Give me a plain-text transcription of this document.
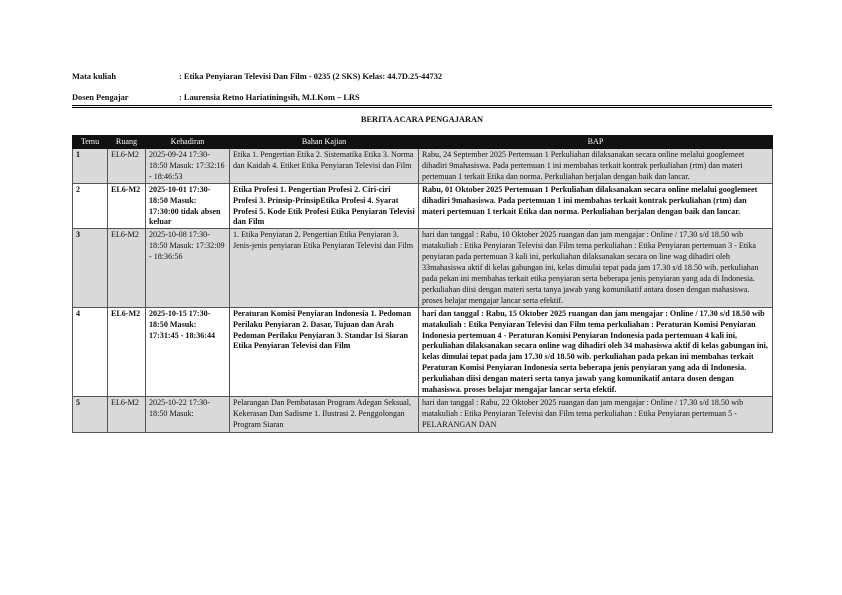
Mata kuliah	: Etika Penyiaran Televisi Dan Film - 0235 (2 SKS) Kelas: 44.7D.25-44732
Dosen Pengajar	: Laurensia Retno Hariatiningsih, M.I.Kom – LRS
BERITA ACARA PENGAJARAN
Temu	Ruang	Kehadiran	Bahan Kajian	BAP
1	EL6-M2	2025-09-24 17:30-18:50 Masuk: 17:32:16 - 18:46:53	Etika 1. Pengertian Etika 2. Sistematika Etika 3. Norma dan Kaidah 4. Etiket Etika Penyiaran Televisi dan Film	Rabu, 24 September 2025 Pertemuan 1 Perkuliahan dilaksanakan secara online melalui googlemeet dihadiri 9mahasiswa. Pada pertemuan 1 ini membahas terkait kontrak perkuliahan (rtm) dan materi pertemuan 1 terkait Etika dan norma. Perkuliahan berjalan dengan baik dan lancar.
2	EL6-M2	2025-10-01 17:30-18:50 Masuk: 17:30:00 tidak absen keluar	Etika Profesi 1. Pengertian Profesi 2. Ciri-ciri Profesi 3. Prinsip-PrinsipEtika Profesi 4. Syarat Profesi 5. Kode Etik Profesi Etika Penyiaran Televisi dan Film	Rabu, 01 Oktober 2025 Pertemuan 1 Perkuliahan dilaksanakan secara online melalui googlemeet dihadiri 9mahasiswa. Pada pertemuan 1 ini membahas terkait kontrak perkuliahan (rtm) dan materi pertemuan 1 terkait Etika dan norma. Perkuliahan berjalan dengan baik dan lancar.
3	EL6-M2	2025-10-08 17:30-18:50 Masuk: 17:32:09 - 18:36:56	1. Etika Penyiaran 2. Pengertian Etika Penyiaran 3. Jenis-jenis penyiaran Etika Penyiaran Televisi dan Film	hari dan tanggal : Rabu, 10 Oktober 2025 ruangan dan jam mengajar : Online / 17.30 s/d 18.50 wib matakuliah : Etika Penyiaran Televisi dan Film tema perkuliahan : Etika Penyiaran pertemuan 3 - Etika penyiaran pada pertemuan 3 kali ini, perkuliahan dilaksanakan secara on line wag dihadiri oleh 33mahasiswa aktif di kelas gabungan ini, kelas dimulai tepat pada jam 17.30 s/d 18.50 wib. perkuliahan pada pekan ini membahas terkait etika penyiaran serta beberapa jenis penyiaran yang ada di Indonesia. perkuliahan diisi dengan materi serta tanya jawab yang komunikatif antara dosen dengan mahasiswa. proses belajar mengajar lancar serta efektif.
4	EL6-M2	2025-10-15 17:30-18:50 Masuk: 17:31:45 - 18:36:44	Peraturan Komisi Penyiaran Indonesia 1. Pedoman Perilaku Penyiaran 2. Dasar, Tujuan dan Arah Pedoman Perilaku Penyiaran 3. Standar Isi Siaran Etika Penyiaran Televisi dan Film	hari dan tanggal : Rabu, 15 Oktober 2025 ruangan dan jam mengajar : Online / 17.30 s/d 18.50 wib matakuliah : Etika Penyiaran Televisi dan Film tema perkuliahan : Peraturan Komisi Penyiaran Indonesia pertemuan 4 - Peraturan Komisi Penyiaran Indonesia pada pertemuan 4 kali ini, perkuliahan dilaksanakan secara online wag dihadiri oleh 34 mahasiswa aktif di kelas gabungan ini, kelas dimulai tepat pada jam 17.30 s/d 18.50 wib. perkuliahan pada pekan ini membahas terkait Peraturan Komisi Penyiaran Indonesia serta beberapa jenis penyiaran yang ada di Indonesia. perkuliahan diisi dengan materi serta tanya jawab yang komunikatif antara dosen dengan mahasiswa. proses belajar mengajar lancar serta efektif.

5	EL6-M2	2025-10-22 17:30-18:50 Masuk:	Pelarangan Dan Pembatasan Program Adegan Seksual, Kekerasan Dan Sadisme 1. Ilustrasi 2. Penggolongan Program Siaran	hari dan tanggal : Rabu, 22 Oktober 2025 ruangan dan jam mengajar : Online / 17.30 s/d 18.50 wib matakuliah : Etika Penyiaran Televisi dan Film tema perkuliahan : Etika Penyiaran pertemuan 5 - PELARANGAN DAN
